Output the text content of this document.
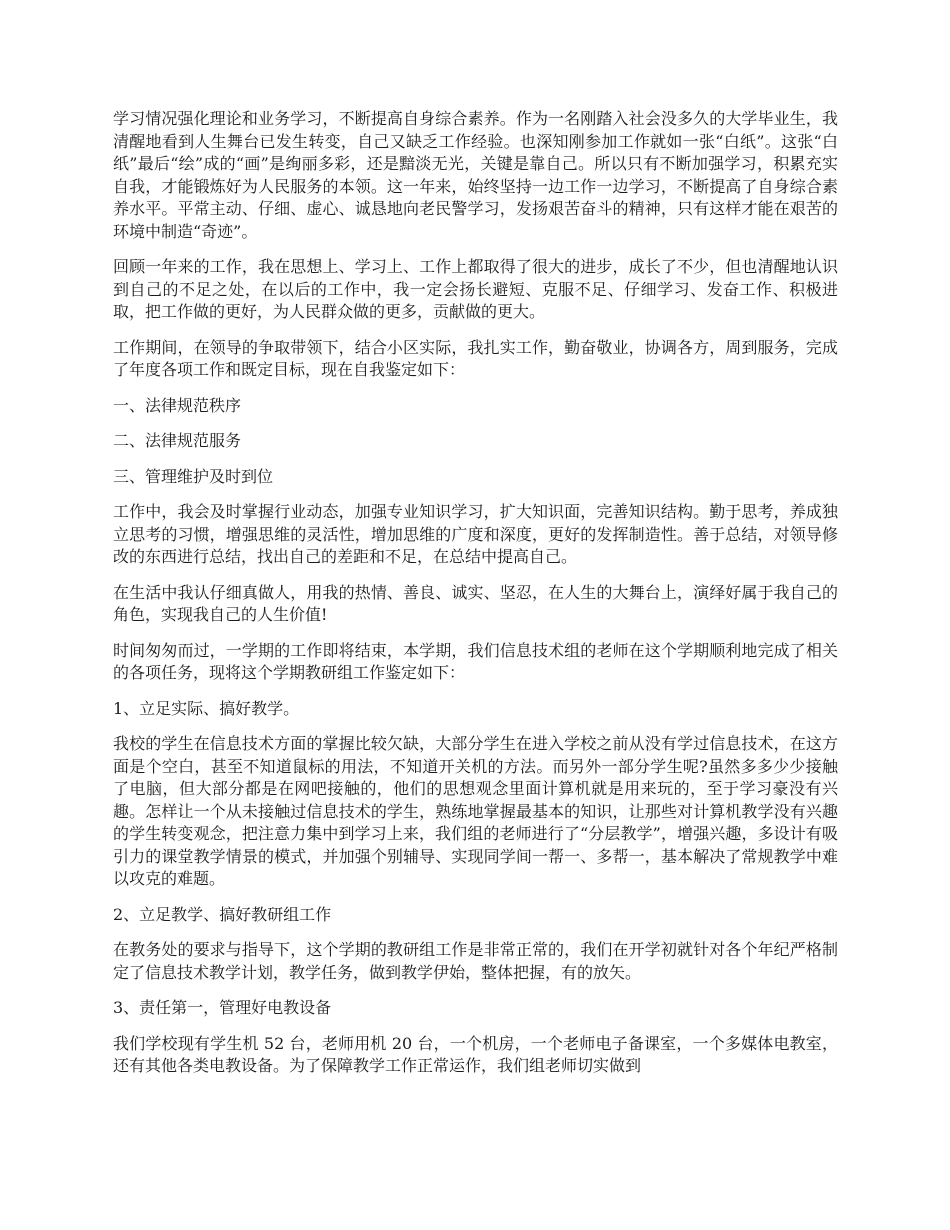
学习情况强化理论和业务学习，不断提高自身综合素养。作为一名刚踏入社会没多久的大学毕业生，我清醒地看到人生舞台已发生转变，自己又缺乏工作经验。也深知刚参加工作就如一张“白纸”。这张“白纸”最后“绘”成的“画”是绚丽多彩，还是黯淡无光，关键是靠自己。所以只有不断加强学习，积累充实自我，才能锻炼好为人民服务的本领。这一年来，始终坚持一边工作一边学习，不断提高了自身综合素养水平。平常主动、仔细、虚心、诚恳地向老民警学习，发扬艰苦奋斗的精神，只有这样才能在艰苦的环境中制造“奇迹”。

回顾一年来的工作，我在思想上、学习上、工作上都取得了很大的进步，成长了不少，但也清醒地认识到自己的不足之处，在以后的工作中，我一定会扬长避短、克服不足、仔细学习、发奋工作、积极进取，把工作做的更好，为人民群众做的更多，贡献做的更大。

工作期间，在领导的争取带领下，结合小区实际，我扎实工作，勤奋敬业，协调各方，周到服务，完成了年度各项工作和既定目标，现在自我鉴定如下：

一、法律规范秩序

二、法律规范服务

三、管理维护及时到位

工作中，我会及时掌握行业动态，加强专业知识学习，扩大知识面，完善知识结构。勤于思考，养成独立思考的习惯，增强思维的灵活性，增加思维的广度和深度，更好的发挥制造性。善于总结，对领导修改的东西进行总结，找出自己的差距和不足，在总结中提高自己。

在生活中我认仔细真做人，用我的热情、善良、诚实、坚忍，在人生的大舞台上，演绎好属于我自己的角色，实现我自己的人生价值!

时间匆匆而过，一学期的工作即将结束，本学期，我们信息技术组的老师在这个学期顺利地完成了相关的各项任务，现将这个学期教研组工作鉴定如下：

1、立足实际、搞好教学。

我校的学生在信息技术方面的掌握比较欠缺，大部分学生在进入学校之前从没有学过信息技术，在这方面是个空白，甚至不知道鼠标的用法，不知道开关机的方法。而另外一部分学生呢?虽然多多少少接触了电脑，但大部分都是在网吧接触的，他们的思想观念里面计算机就是用来玩的，至于学习豪没有兴趣。怎样让一个从未接触过信息技术的学生，熟练地掌握最基本的知识，让那些对计算机教学没有兴趣的学生转变观念，把注意力集中到学习上来，我们组的老师进行了“分层教学”，增强兴趣，多设计有吸引力的课堂教学情景的模式，并加强个别辅导、实现同学间一帮一、多帮一，基本解决了常规教学中难以攻克的难题。

2、立足教学、搞好教研组工作

在教务处的要求与指导下，这个学期的教研组工作是非常正常的，我们在开学初就针对各个年纪严格制定了信息技术教学计划，教学任务，做到教学伊始，整体把握，有的放矢。

3、责任第一，管理好电教设备

我们学校现有学生机 52 台，老师用机 20 台，一个机房，一个老师电子备课室，一个多媒体电教室，还有其他各类电教设备。为了保障教学工作正常运作，我们组老师切实做到
